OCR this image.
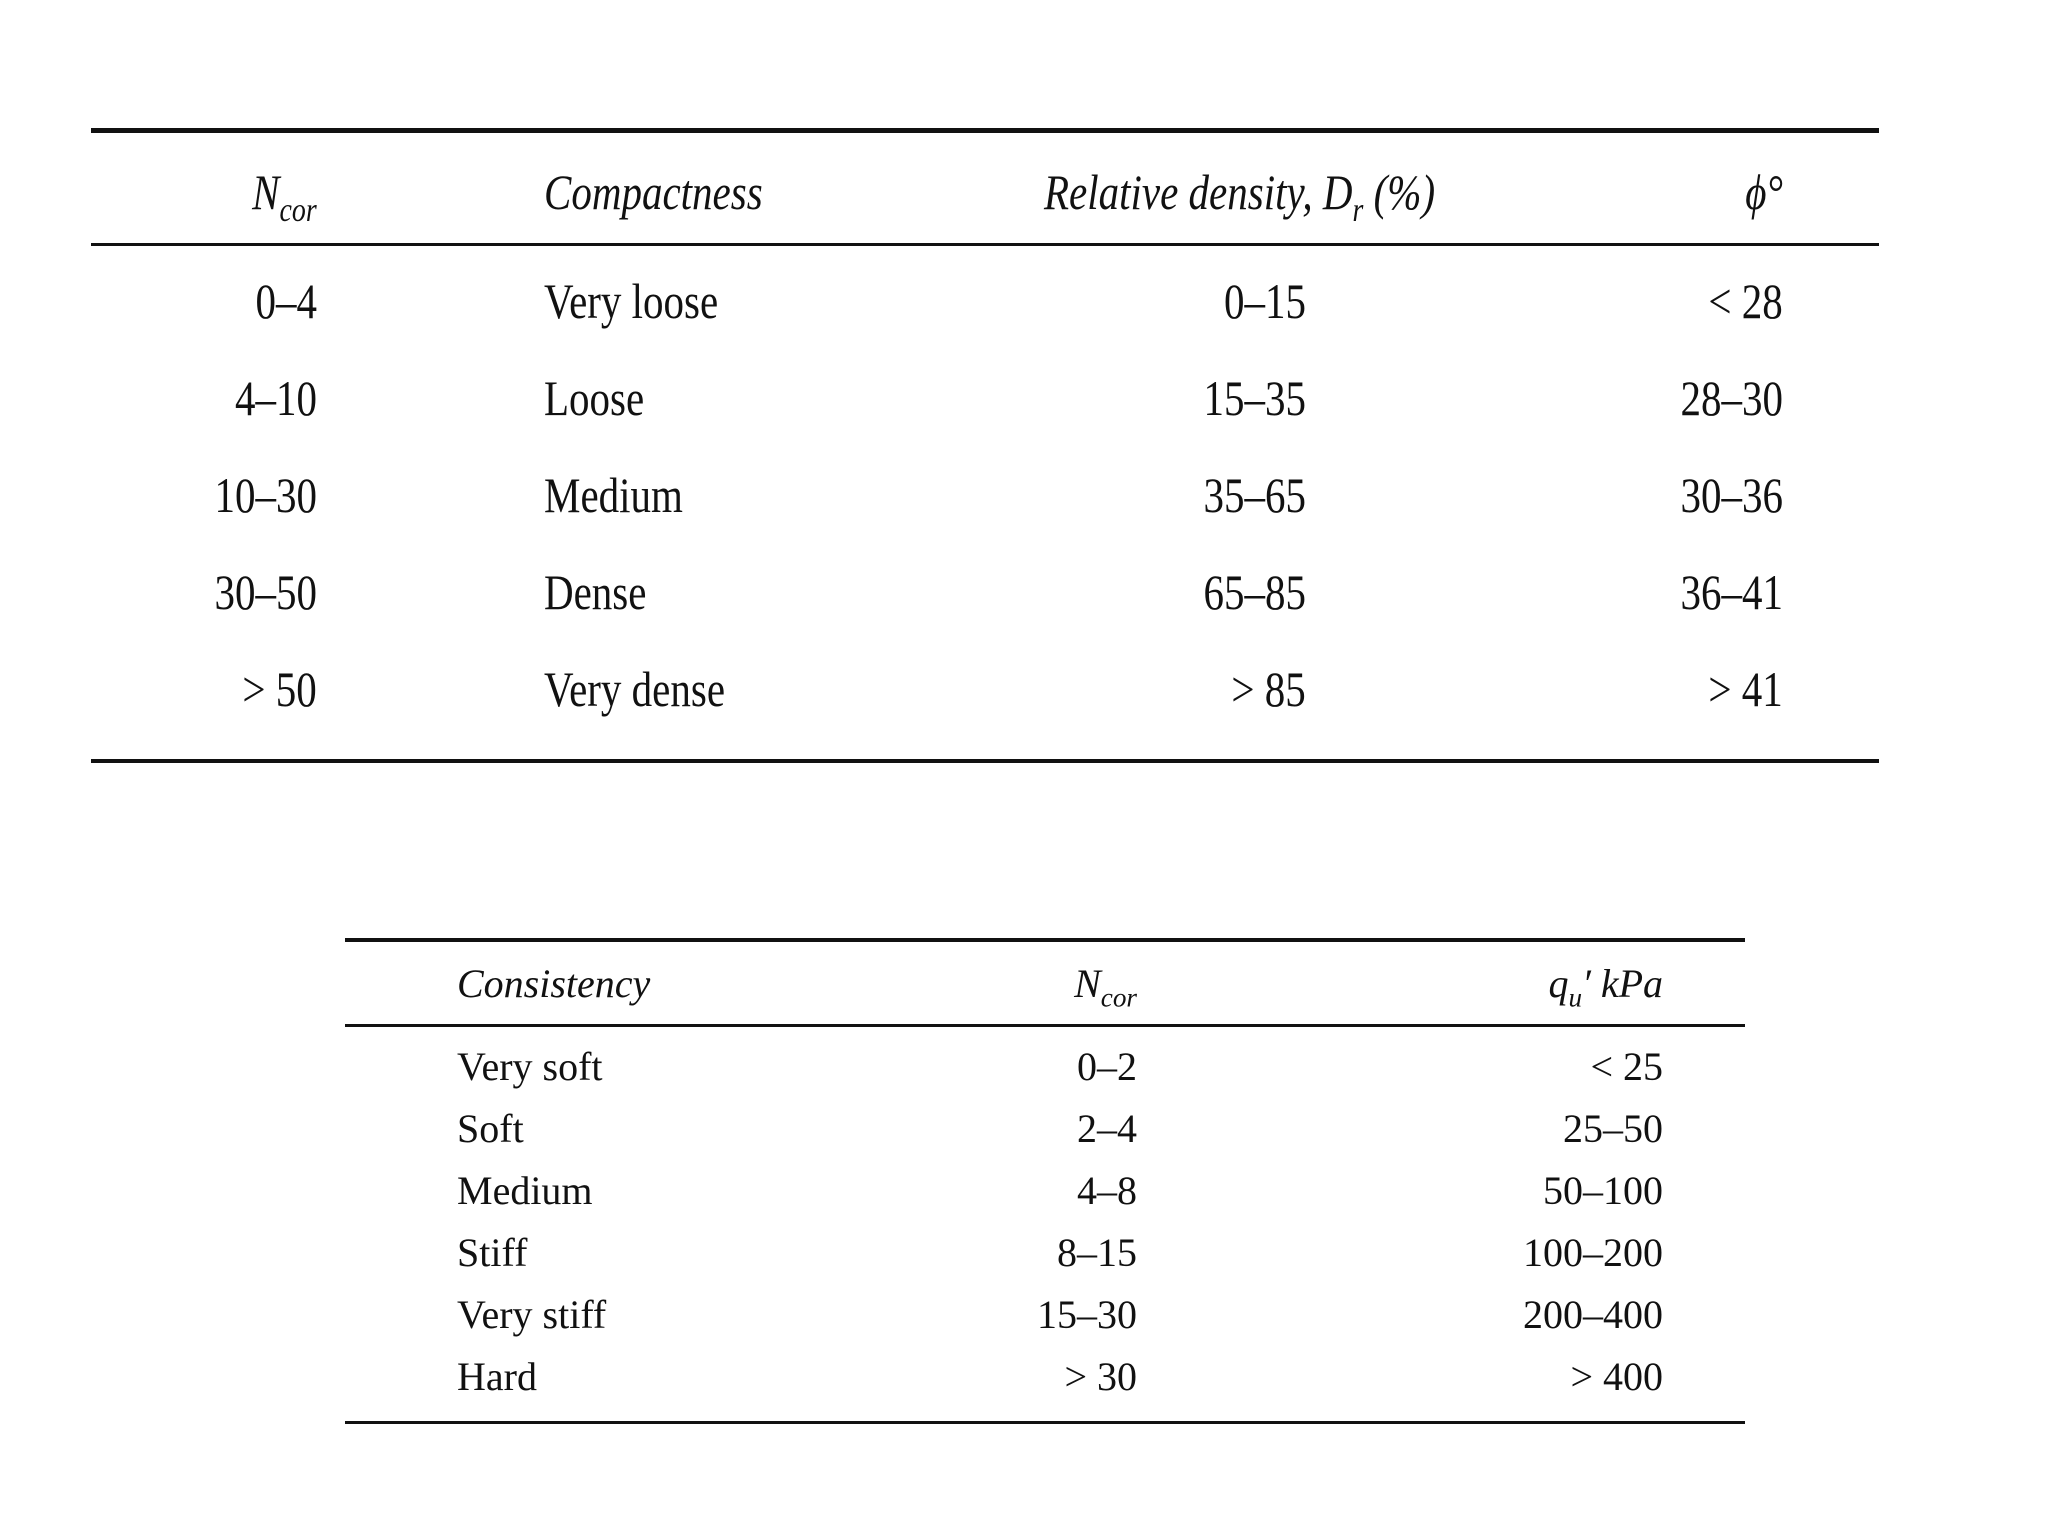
$N_{cor}$	Compactness	Relative density, $D_r$ (%)	ϕ°
0–4	Very loose	0–15	< 28
4–10	Loose	15–35	28–30
10–30	Medium	35–65	30–36
30–50	Dense	65–85	36–41
> 50	Very dense	> 85	> 41
Consistency	$N_{cor}$	$q_u'$ kPa
Very soft	0–2	< 25
Soft	2–4	25–50
Medium	4–8	50–100
Stiff	8–15	100–200
Very stiff	15–30	200–400
Hard	> 30	> 400
